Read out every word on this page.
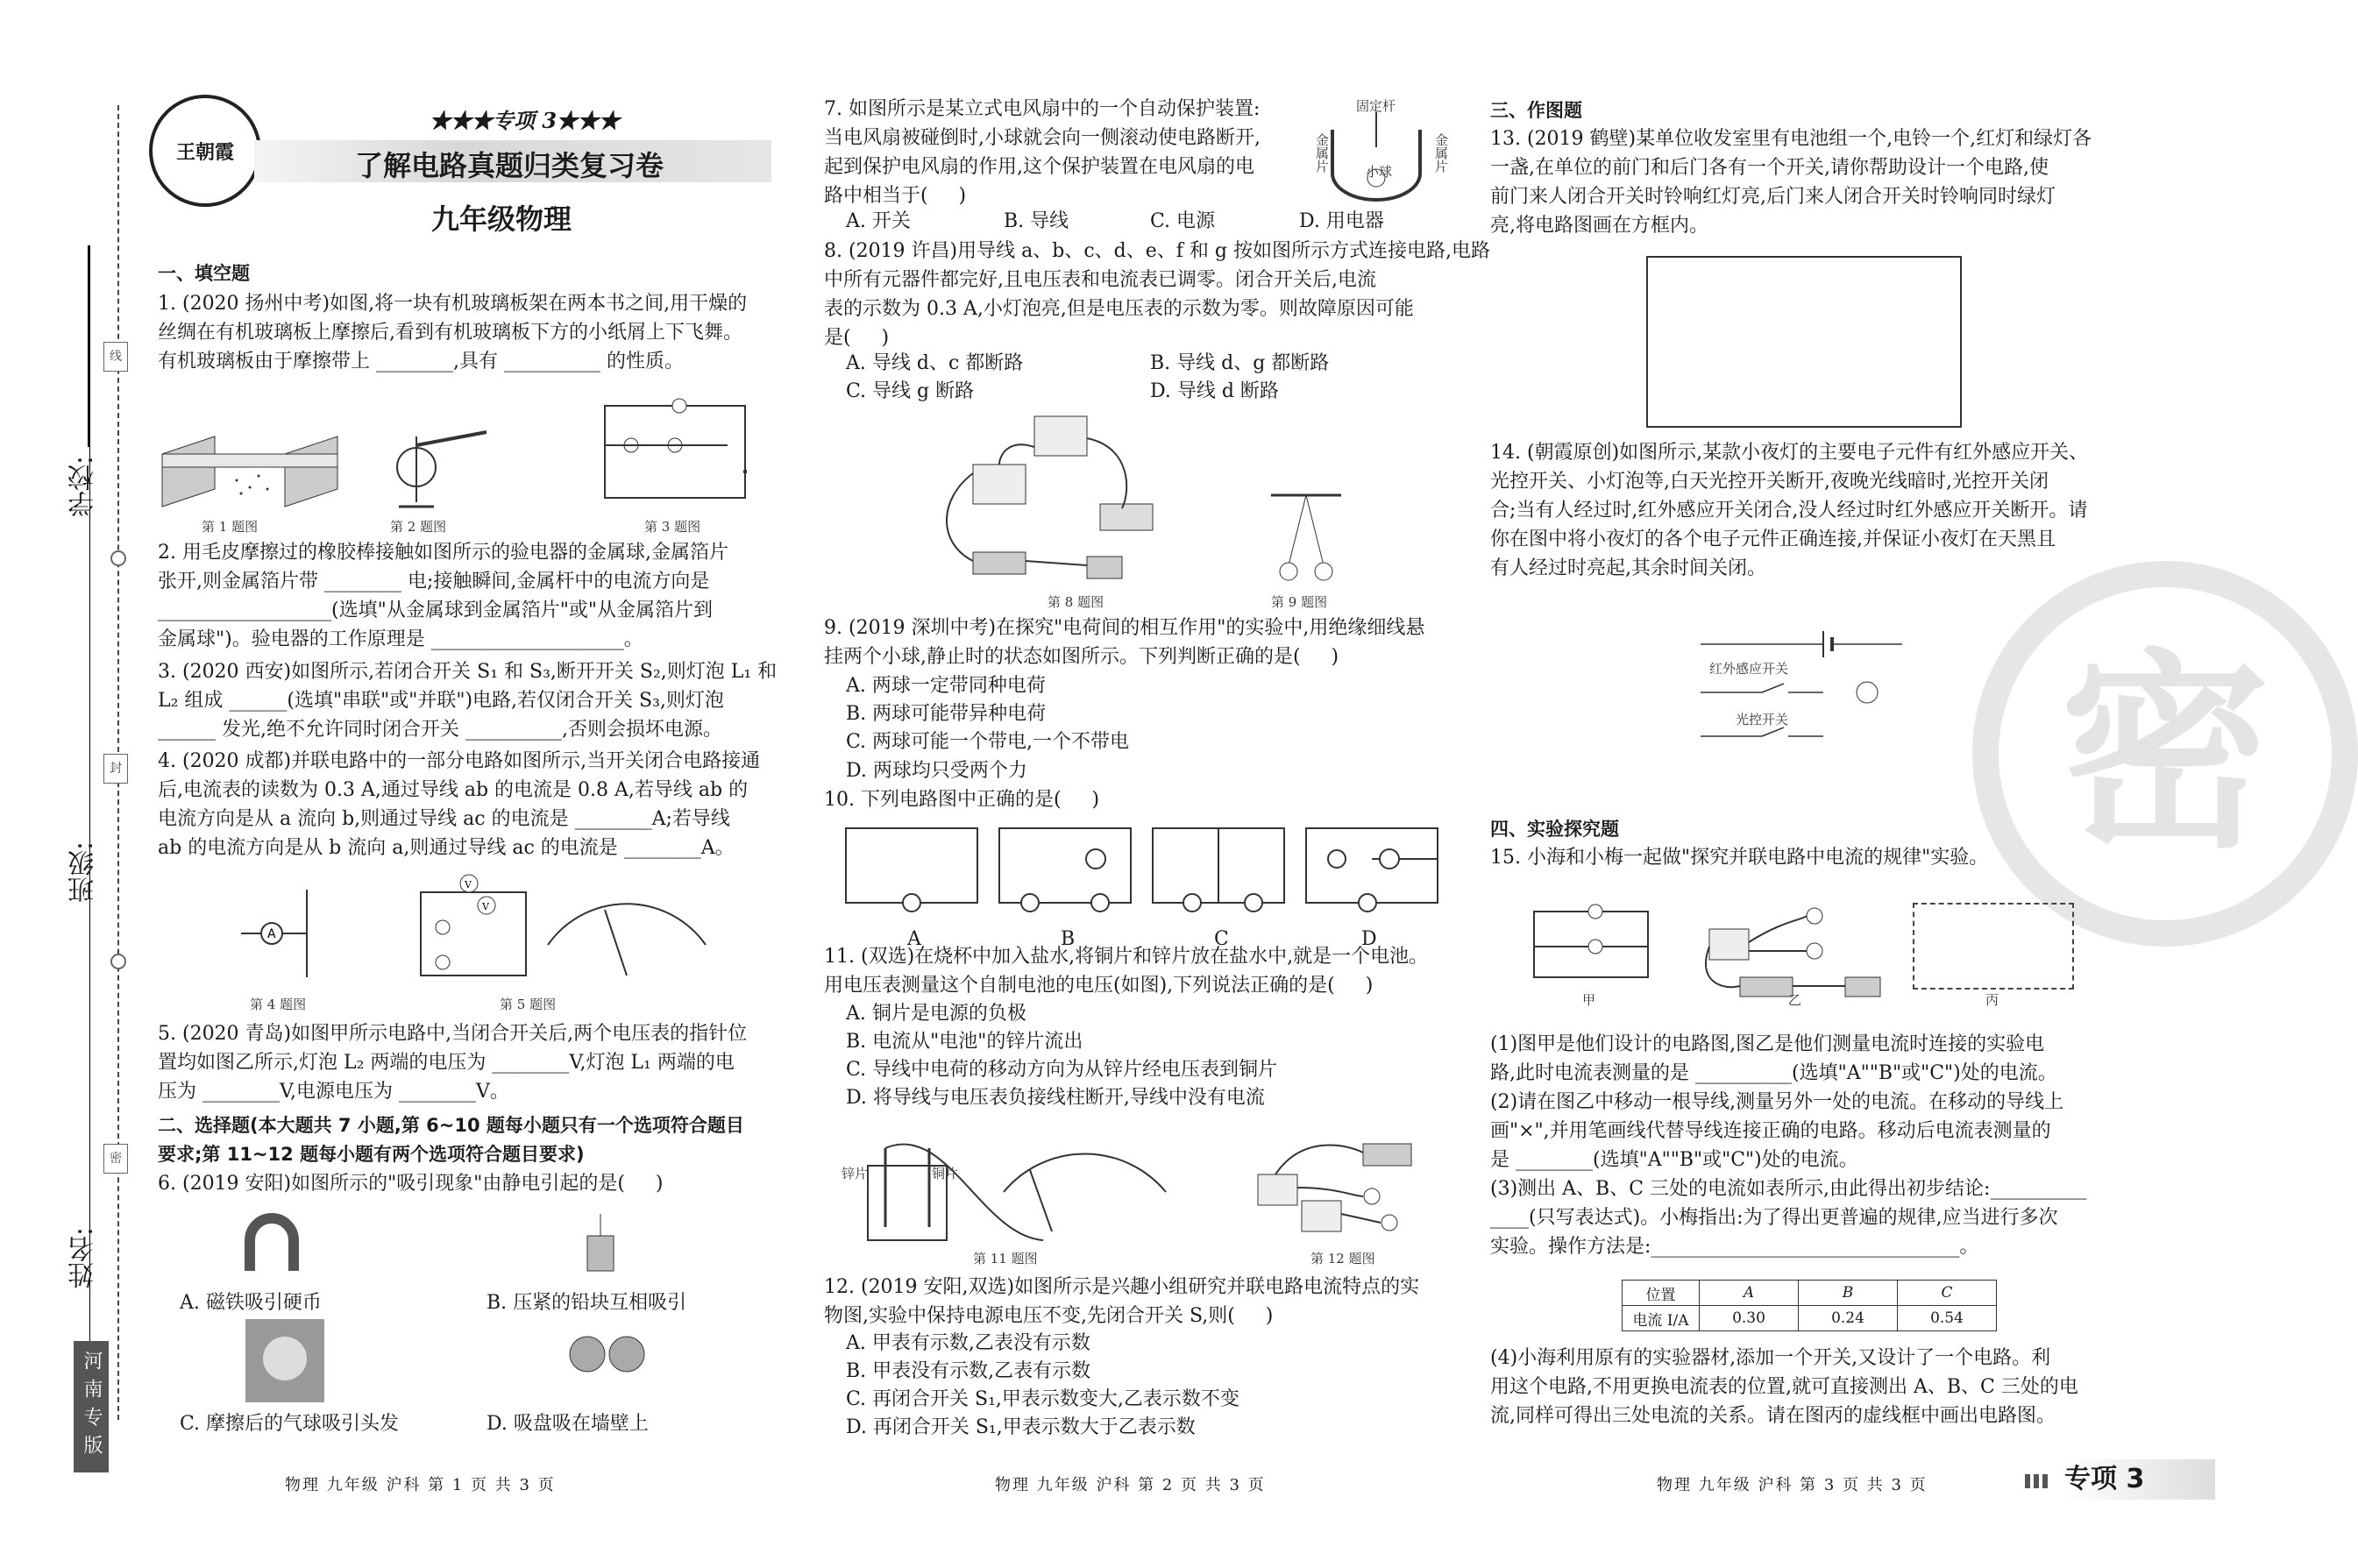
学校:
班级:
姓名:
线
封
密
河南专版
王朝霞
★★★专项 3★★★
了解电路真题归类复习卷
九年级物理
一、填空题
1. (2020 扬州中考)如图,将一块有机玻璃板架在两本书之间,用干燥的
丝绸在有机玻璃板上摩擦后,看到有机玻璃板下方的小纸屑上下飞舞。
有机玻璃板由于摩擦带上 ________,具有 __________ 的性质。
第 1 题图	第 2 题图	第 3 题图
2. 用毛皮摩擦过的橡胶棒接触如图所示的验电器的金属球,金属箔片
张开,则金属箔片带 ________ 电;接触瞬间,金属杆中的电流方向是
__________________(选填"从金属球到金属箔片"或"从金属箔片到
金属球")。验电器的工作原理是 ____________________。
3. (2020 西安)如图所示,若闭合开关 S₁ 和 S₃,断开开关 S₂,则灯泡 L₁ 和
L₂ 组成 ______(选填"串联"或"并联")电路,若仅闭合开关 S₃,则灯泡
______ 发光,绝不允许同时闭合开关 __________,否则会损坏电源。
4. (2020 成都)并联电路中的一部分电路如图所示,当开关闭合电路接通
后,电流表的读数为 0.3 A,通过导线 ab 的电流是 0.8 A,若导线 ab 的
电流方向是从 a 流向 b,则通过导线 ac 的电流是 ________A;若导线
ab 的电流方向是从 b 流向 a,则通过导线 ac 的电流是 ________A。
A
V
V
第 4 题图	第 5 题图
5. (2020 青岛)如图甲所示电路中,当闭合开关后,两个电压表的指针位
置均如图乙所示,灯泡 L₂ 两端的电压为 ________V,灯泡 L₁ 两端的电
压为 ________V,电源电压为 ________V。
二、选择题(本大题共 7 小题,第 6~10 题每小题只有一个选项符合题目
要求;第 11~12 题每小题有两个选项符合题目要求)
6. (2019 安阳)如图所示的"吸引现象"由静电引起的是(     )
A. 磁铁吸引硬币	B. 压紧的铅块互相吸引
C. 摩擦后的气球吸引头发	D. 吸盘吸在墙壁上
物理 九年级 沪科 第 1 页 共 3 页
7. 如图所示是某立式电风扇中的一个自动保护装置:
当电风扇被碰倒时,小球就会向一侧滚动使电路断开,
起到保护电风扇的作用,这个保护装置在电风扇的电
路中相当于(     )
固定杆
金属片	小球	金属片
A. 开关	B. 导线	C. 电源	D. 用电器
8. (2019 许昌)用导线 a、b、c、d、e、f 和 g 按如图所示方式连接电路,电路
中所有元器件都完好,且电压表和电流表已调零。闭合开关后,电流
表的示数为 0.3 A,小灯泡亮,但是电压表的示数为零。则故障原因可能
是(     )
A. 导线 d、c 都断路	B. 导线 d、g 都断路
C. 导线 g 断路	D. 导线 d 断路
第 8 题图	第 9 题图
9. (2019 深圳中考)在探究"电荷间的相互作用"的实验中,用绝缘细线悬
挂两个小球,静止时的状态如图所示。下列判断正确的是(     )
A. 两球一定带同种电荷
B. 两球可能带异种电荷
C. 两球可能一个带电,一个不带电
D. 两球均只受两个力
10. 下列电路图中正确的是(     )
A	B	C	D
11. (双选)在烧杯中加入盐水,将铜片和锌片放在盐水中,就是一个电池。
用电压表测量这个自制电池的电压(如图),下列说法正确的是(     )
A. 铜片是电源的负极
B. 电流从"电池"的锌片流出
C. 导线中电荷的移动方向为从锌片经电压表到铜片
D. 将导线与电压表负接线柱断开,导线中没有电流
锌片	铜片
第 11 题图	第 12 题图
12. (2019 安阳,双选)如图所示是兴趣小组研究并联电路电流特点的实
物图,实验中保持电源电压不变,先闭合开关 S,则(     )
A. 甲表有示数,乙表没有示数
B. 甲表没有示数,乙表有示数
C. 再闭合开关 S₁,甲表示数变大,乙表示数不变
D. 再闭合开关 S₁,甲表示数大于乙表示数
物理 九年级 沪科 第 2 页 共 3 页
密
三、作图题
13. (2019 鹤壁)某单位收发室里有电池组一个,电铃一个,红灯和绿灯各
一盏,在单位的前门和后门各有一个开关,请你帮助设计一个电路,使
前门来人闭合开关时铃响红灯亮,后门来人闭合开关时铃响同时绿灯
亮,将电路图画在方框内。
14. (朝霞原创)如图所示,某款小夜灯的主要电子元件有红外感应开关、
光控开关、小灯泡等,白天光控开关断开,夜晚光线暗时,光控开关闭
合;当有人经过时,红外感应开关闭合,没人经过时红外感应开关断开。请
你在图中将小夜灯的各个电子元件正确连接,并保证小夜灯在天黑且
有人经过时亮起,其余时间关闭。
红外感应开关
光控开关
四、实验探究题
15. 小海和小梅一起做"探究并联电路中电流的规律"实验。
甲	乙	丙
(1)图甲是他们设计的电路图,图乙是他们测量电流时连接的实验电
路,此时电流表测量的是 __________(选填"A""B"或"C")处的电流。
(2)请在图乙中移动一根导线,测量另外一处的电流。在移动的导线上
画"×",并用笔画线代替导线连接正确的电路。移动后电流表测量的
是 ________(选填"A""B"或"C")处的电流。
(3)测出 A、B、C 三处的电流如表所示,由此得出初步结论:__________
____(只写表达式)。小梅指出:为了得出更普遍的规律,应当进行多次
实验。操作方法是:________________________________。
位置	A	B	C
电流 I/A	0.30	0.24	0.54
(4)小海利用原有的实验器材,添加一个开关,又设计了一个电路。利
用这个电路,不用更换电流表的位置,就可直接测出 A、B、C 三处的电
流,同样可得出三处电流的关系。请在图丙的虚线框中画出电路图。
物理 九年级 沪科 第 3 页 共 3 页	专项 3
